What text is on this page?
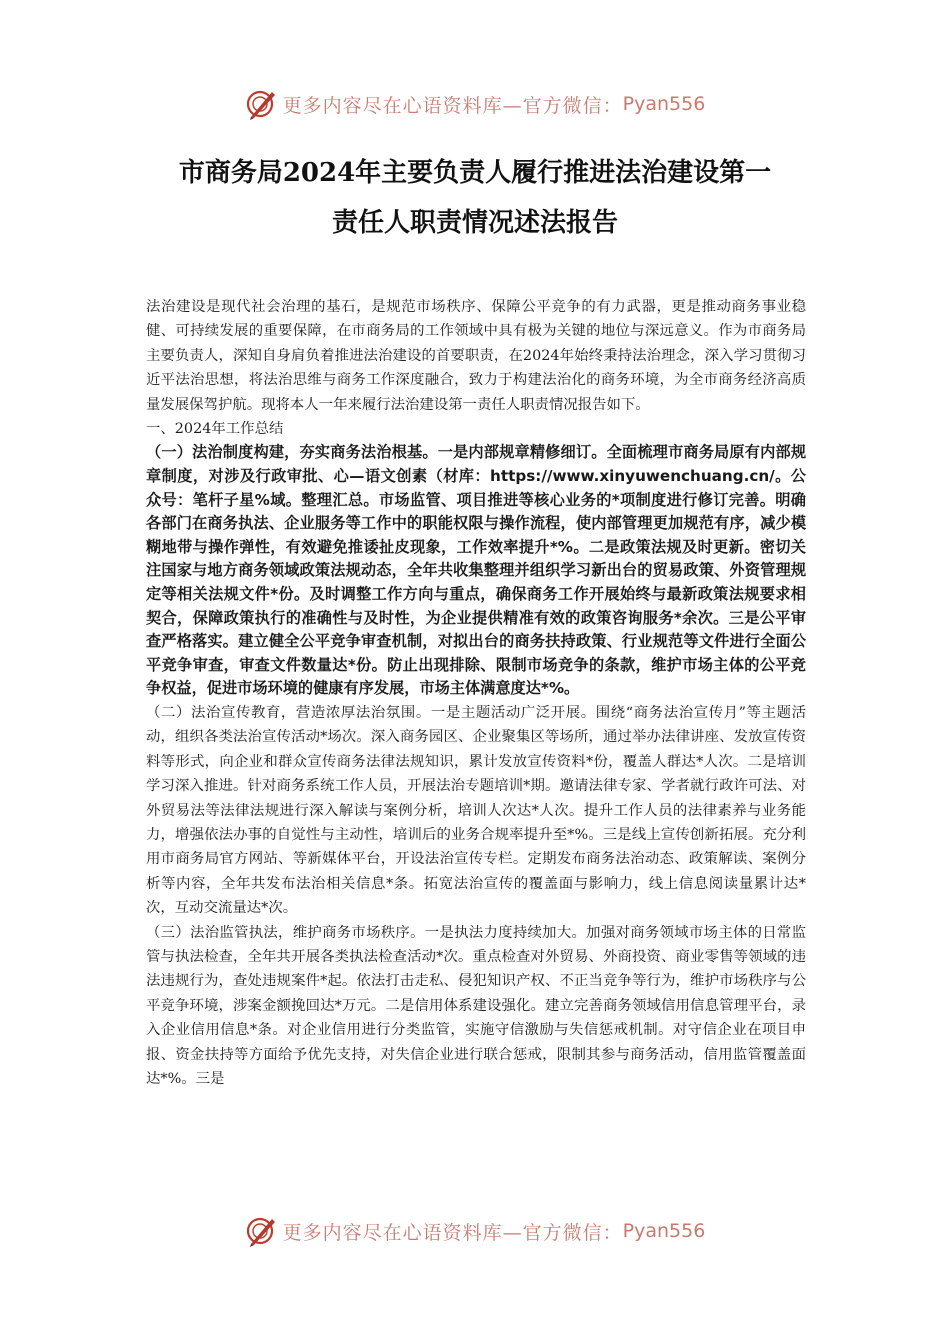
更多内容尽在心语资料库—官方微信： Pyan556
市商务局2024年主要负责人履行推进法治建设第一
责任人职责情况述法报告

法治建设是现代社会治理的基石，是规范市场秩序、保障公平竞争的有力武器，更是推动商务事业稳健、可持续发展的重要保障，在市商务局的工作领域中具有极为关键的地位与深远意义。作为市商务局主要负责人，深知自身肩负着推进法治建设的首要职责，在2024年始终秉持法治理念，深入学习贯彻习近平法治思想，将法治思维与商务工作深度融合，致力于构建法治化的商务环境，为全市商务经济高质量发展保驾护航。现将本人一年来履行法治建设第一责任人职责情况报告如下。

一、2024年工作总结

（一）法治制度构建，夯实商务法治根基。一是内部规章精修细订。全面梳理市商务局原有内部规章制度，对涉及行政审批、心—语文创素（材库：https://www.xinyuwenchuang.cn/。公众号：笔杆子星%域。整理汇总。市场监管、项目推进等核心业务的*项制度进行修订完善。明确各部门在商务执法、企业服务等工作中的职能权限与操作流程，使内部管理更加规范有序，减少模糊地带与操作弹性，有效避免推诿扯皮现象，工作效率提升*%。二是政策法规及时更新。密切关注国家与地方商务领域政策法规动态，全年共收集整理并组织学习新出台的贸易政策、外资管理规定等相关法规文件*份。及时调整工作方向与重点，确保商务工作开展始终与最新政策法规要求相契合，保障政策执行的准确性与及时性，为企业提供精准有效的政策咨询服务*余次。三是公平审查严格落实。建立健全公平竞争审查机制，对拟出台的商务扶持政策、行业规范等文件进行全面公平竞争审查，审查文件数量达*份。防止出现排除、限制市场竞争的条款，维护市场主体的公平竞争权益，促进市场环境的健康有序发展，市场主体满意度达*%。

（二）法治宣传教育，营造浓厚法治氛围。一是主题活动广泛开展。围绕“商务法治宣传月”等主题活动，组织各类法治宣传活动*场次。深入商务园区、企业聚集区等场所，通过举办法律讲座、发放宣传资料等形式，向企业和群众宣传商务法律法规知识，累计发放宣传资料*份，覆盖人群达*人次。二是培训学习深入推进。针对商务系统工作人员，开展法治专题培训*期。邀请法律专家、学者就行政许可法、对外贸易法等法律法规进行深入解读与案例分析，培训人次达*人次。提升工作人员的法律素养与业务能力，增强依法办事的自觉性与主动性，培训后的业务合规率提升至*%。三是线上宣传创新拓展。充分利用市商务局官方网站、等新媒体平台，开设法治宣传专栏。定期发布商务法治动态、政策解读、案例分析等内容，全年共发布法治相关信息*条。拓宽法治宣传的覆盖面与影响力，线上信息阅读量累计达*次，互动交流量达*次。

（三）法治监管执法，维护商务市场秩序。一是执法力度持续加大。加强对商务领域市场主体的日常监管与执法检查，全年共开展各类执法检查活动*次。重点检查对外贸易、外商投资、商业零售等领域的违法违规行为，查处违规案件*起。依法打击走私、侵犯知识产权、不正当竞争等行为，维护市场秩序与公平竞争环境，涉案金额挽回达*万元。二是信用体系建设强化。建立完善商务领域信用信息管理平台，录入企业信用信息*条。对企业信用进行分类监管，实施守信激励与失信惩戒机制。对守信企业在项目申报、资金扶持等方面给予优先支持，对失信企业进行联合惩戒，限制其参与商务活动，信用监管覆盖面达*%。三是

更多内容尽在心语资料库—官方微信： Pyan556
